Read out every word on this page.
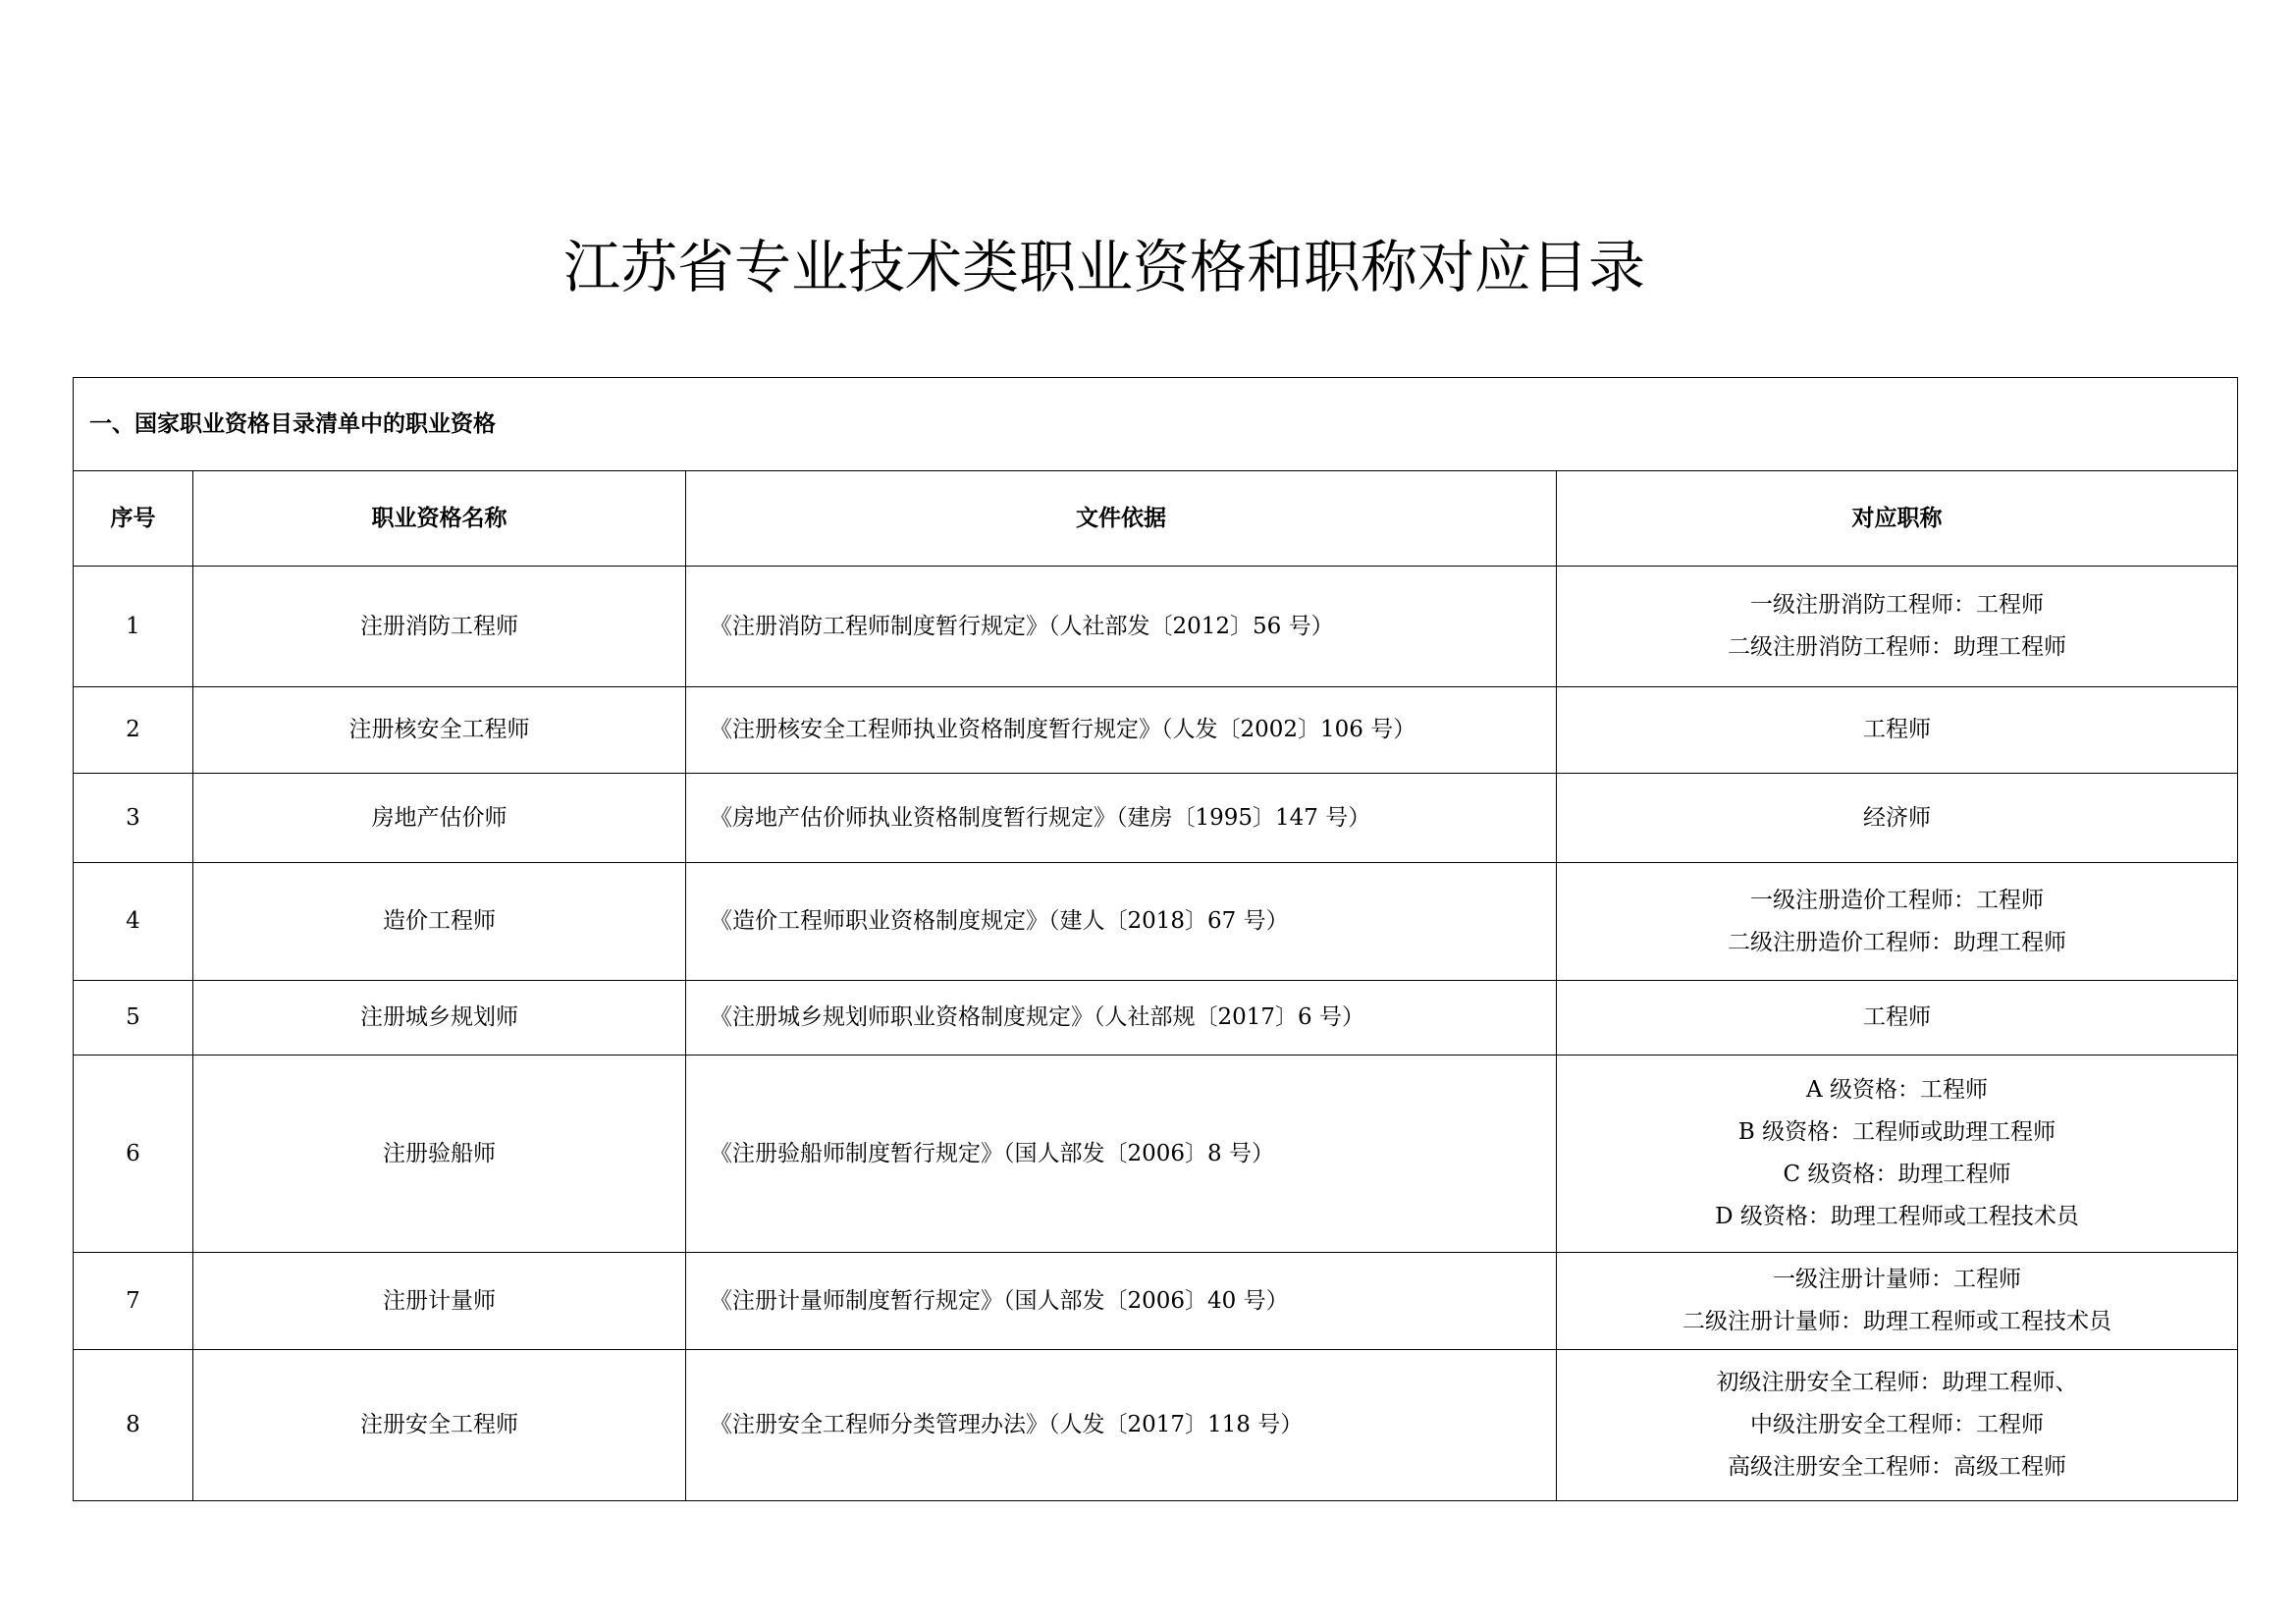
江苏省专业技术类职业资格和职称对应目录
一、国家职业资格目录清单中的职业资格			
序号	职业资格名称	文件依据	对应职称
1	注册消防工程师	《注册消防工程师制度暂行规定》（人社部发〔2012〕56 号）	一级注册消防工程师：工程师
二级注册消防工程师：助理工程师

2	注册核安全工程师	《注册核安全工程师执业资格制度暂行规定》（人发〔2002〕106 号）	工程师

3	房地产估价师	《房地产估价师执业资格制度暂行规定》（建房〔1995〕147 号）	经济师

4	造价工程师	《造价工程师职业资格制度规定》（建人〔2018〕67 号）	一级注册造价工程师：工程师
二级注册造价工程师：助理工程师

5	注册城乡规划师	《注册城乡规划师职业资格制度规定》（人社部规〔2017〕6 号）	工程师

6	注册验船师	《注册验船师制度暂行规定》（国人部发〔2006〕8 号）	A 级资格：工程师
B 级资格：工程师或助理工程师
C 级资格：助理工程师
D 级资格：助理工程师或工程技术员

7	注册计量师	《注册计量师制度暂行规定》（国人部发〔2006〕40 号）	一级注册计量师：工程师
二级注册计量师：助理工程师或工程技术员

8	注册安全工程师	《注册安全工程师分类管理办法》（人发〔2017〕118 号）	初级注册安全工程师：助理工程师、
中级注册安全工程师：工程师
高级注册安全工程师：高级工程师
